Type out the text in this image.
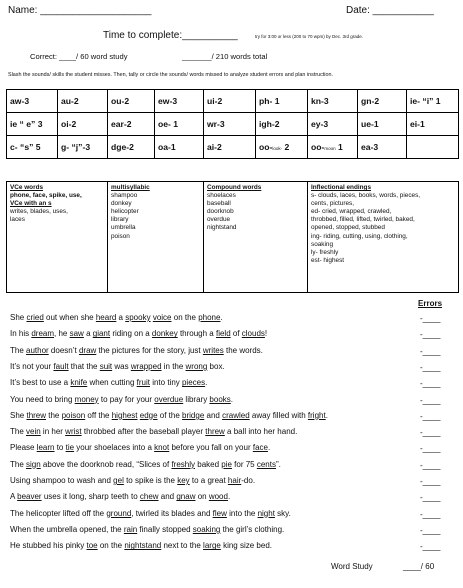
Name: ____________________	Date: ___________
Time to complete:__________	try for 3:00 or less (200 to 70 wpm) by Dec. 3rd grade.
Correct: ____/ 60 word study	_______/ 210 words total
Slash the sounds/ skills the student misses. Then, tally or circle the sounds/ words missed to analyze student errors and plan instruction.
aw-3	au-2	ou-2	ew-3	ui-2	ph- 1	kn-3	gn-2	ie- “i” 1
ie “ e” 3	oi-2	ear-2	oe- 1	wr-3	igh-2	ey-3	ue-1	ei-1
c- “s” 5	g- “j”-3	dge-2	oa-1	ai-2	oo-look- 2	oo-moon 1	ea-3	
VCe words
phone, face, spike, use,
VCe with an s
writes, blades, uses,
laces

multisyllabic
shampoo
donkey
helicopter
library
umbrella
poison

Compound words
shoelaces
baseball
doorknob
overdue
nightstand

Inflectional endings
s- clouds, laces, books, words, pieces,
cents, pictures,
ed- cried, wrapped, crawled,
throbbed, filled, lifted, twirled, baked,
opened, stopped, stubbed
ing- riding, cutting, using, clothing,
soaking
ly- freshly
est- highest
Errors
She cried out when she heard a spooky voice on the phone.	-____
In his dream, he saw a giant riding on a donkey through a field of clouds!	-____
The author doesn’t draw the pictures for the story, just writes the words.	-____
It’s not your fault that the suit was wrapped in the wrong box.	-____
It’s best to use a knife when cutting fruit into tiny pieces.	-____
You need to bring money to pay for your overdue library books.	-____
She threw the poison off the highest edge of the bridge and crawled away filled with fright.	-____
The vein in her wrist throbbed after the baseball player threw a ball into her hand.	-____
Please learn to tie your shoelaces into a knot before you fall on your face.	-____
The sign above the doorknob read, “Slices of freshly baked pie for 75 cents”.	-____
Using shampoo to wash and gel to spike is the key to a great hair-do.	-____
A beaver uses it long, sharp teeth to chew and gnaw on wood.	-____
The helicopter lifted off the ground, twirled its blades and flew into the night sky.	-____
When the umbrella opened, the rain finally stopped soaking the girl’s clothing.	-____
He stubbed his pinky toe on the nightstand next to the large king size bed.	-____
Word Study	____/ 60
